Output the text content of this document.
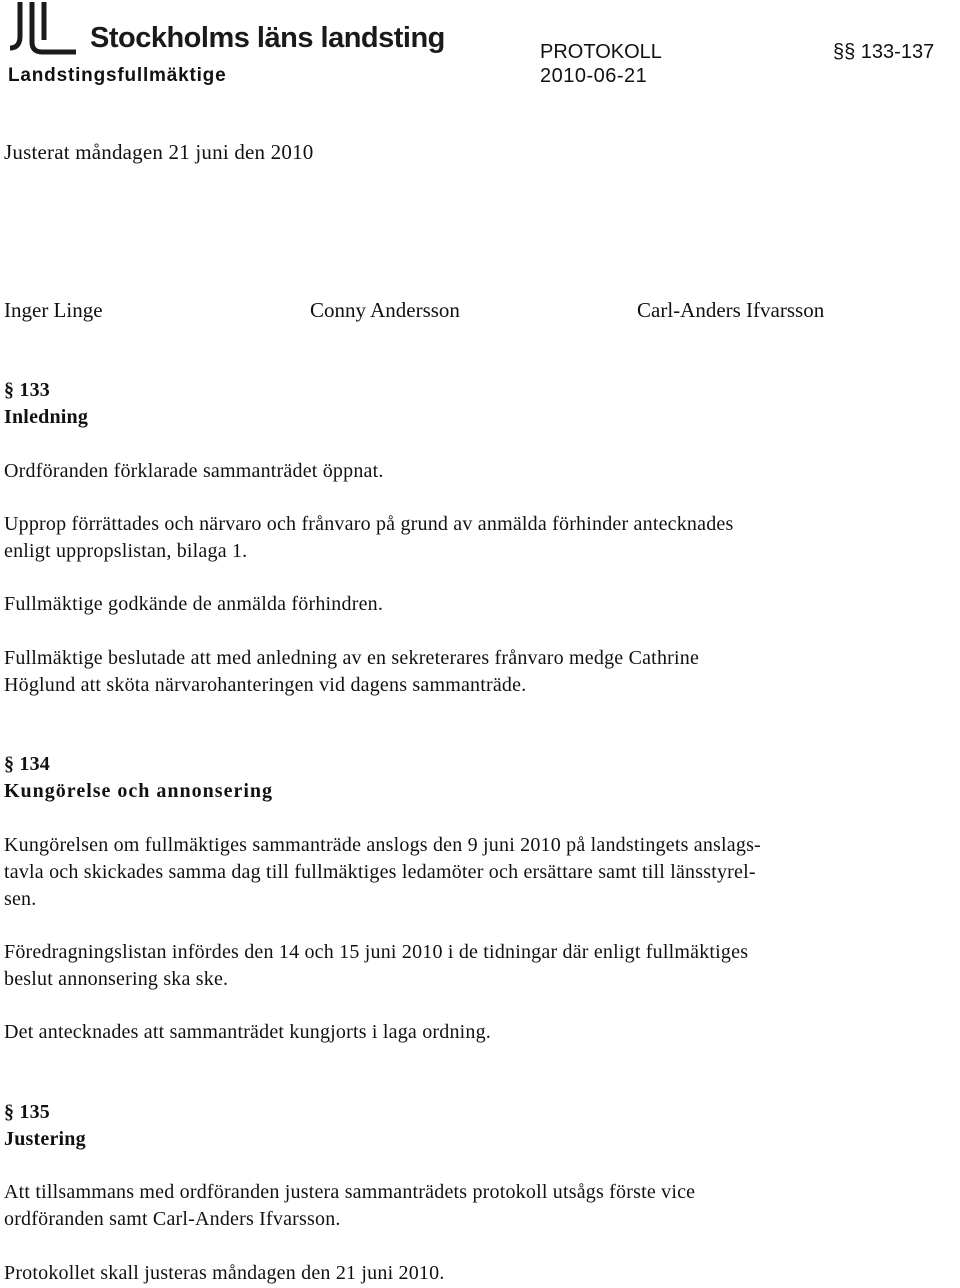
Stockholms läns landsting
Landstingsfullmäktige
PROTOKOLL
2010-06-21
§§ 133-137
Justerat måndagen 21 juni den 2010
Inger Linge	Conny Andersson	Carl-Anders Ifvarsson
§ 133
Inledning
Ordföranden förklarade sammanträdet öppnat.
Upprop förrättades och närvaro och frånvaro på grund av anmälda förhinder antecknades
enligt uppropslistan, bilaga 1.
Fullmäktige godkände de anmälda förhindren.
Fullmäktige beslutade att med anledning av en sekreterares frånvaro medge Cathrine
Höglund att sköta närvarohanteringen vid dagens sammanträde.
§ 134
Kungörelse och annonsering
Kungörelsen om fullmäktiges sammanträde anslogs den 9 juni 2010 på landstingets anslags-
tavla och skickades samma dag till fullmäktiges ledamöter och ersättare samt till länsstyrel-
sen.
Föredragningslistan infördes den 14 och 15 juni 2010 i de tidningar där enligt fullmäktiges
beslut annonsering ska ske.
Det antecknades att sammanträdet kungjorts i laga ordning.
§ 135
Justering
Att tillsammans med ordföranden justera sammanträdets protokoll utsågs förste vice
ordföranden samt Carl-Anders Ifvarsson.
Protokollet skall justeras måndagen den 21 juni 2010.
